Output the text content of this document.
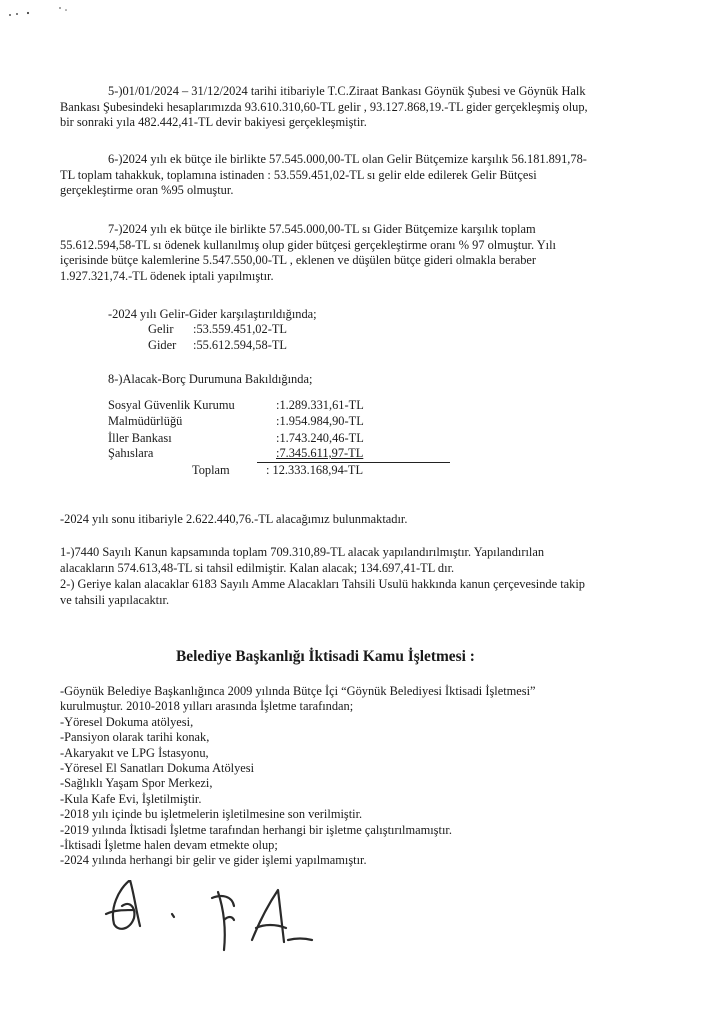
5-)01/01/2024 – 31/12/2024 tarihi itibariyle T.C.Ziraat Bankası Göynük Şubesi ve Göynük Halk
Bankası Şubesindeki hesaplarımızda 93.610.310,60-TL gelir , 93.127.868,19.-TL gider gerçekleşmiş olup,
bir sonraki yıla 482.442,41-TL devir bakiyesi gerçekleşmiştir.
6-)2024 yılı ek bütçe ile birlikte 57.545.000,00-TL olan Gelir Bütçemize karşılık 56.181.891,78-
TL toplam tahakkuk, toplamına istinaden : 53.559.451,02-TL sı gelir elde edilerek Gelir Bütçesi
gerçekleştirme oran %95 olmuştur.
7-)2024 yılı ek bütçe ile birlikte 57.545.000,00-TL sı Gider Bütçemize karşılık toplam
55.612.594,58-TL sı ödenek kullanılmış olup gider bütçesi gerçekleştirme oranı % 97 olmuştur. Yılı
içerisinde bütçe kalemlerine 5.547.550,00-TL , eklenen ve düşülen bütçe gideri olmakla beraber
1.927.321,74.-TL ödenek iptali yapılmıştır.
-2024 yılı Gelir-Gider karşılaştırıldığında;
Gelir :53.559.451,02-TL
Gider :55.612.594,58-TL
8-)Alacak-Borç Durumuna Bakıldığında;
Sosyal Güvenlik Kurumu	:1.289.331,61-TL
Malmüdürlüğü	:1.954.984,90-TL
İller Bankası	:1.743.240,46-TL
Şahıslara	:7.345.611,97-TL
Toplam	: 12.333.168,94-TL
-2024 yılı sonu itibariyle 2.622.440,76.-TL alacağımız bulunmaktadır.
1-)7440 Sayılı Kanun kapsamında toplam 709.310,89-TL alacak yapılandırılmıştır. Yapılandırılan
alacakların 574.613,48-TL si tahsil edilmiştir. Kalan alacak; 134.697,41-TL dır.
2-) Geriye kalan alacaklar 6183 Sayılı Amme Alacakları Tahsili Usulü hakkında kanun çerçevesinde takip
ve tahsili yapılacaktır.
Belediye Başkanlığı İktisadi Kamu İşletmesi :
-Göynük Belediye Başkanlığınca 2009 yılında Bütçe İçi “Göynük Belediyesi İktisadi İşletmesi”
kurulmuştur. 2010-2018 yılları arasında İşletme tarafından;
-Yöresel Dokuma atölyesi,
-Pansiyon olarak tarihi konak,
-Akaryakıt ve LPG İstasyonu,
-Yöresel El Sanatları Dokuma Atölyesi
-Sağlıklı Yaşam Spor Merkezi,
-Kula Kafe Evi, İşletilmiştir.
-2018 yılı içinde bu işletmelerin işletilmesine son verilmiştir.
-2019 yılında İktisadi İşletme tarafından herhangi bir işletme çalıştırılmamıştır.
-İktisadi İşletme halen devam etmekte olup;
-2024 yılında herhangi bir gelir ve gider işlemi yapılmamıştır.
